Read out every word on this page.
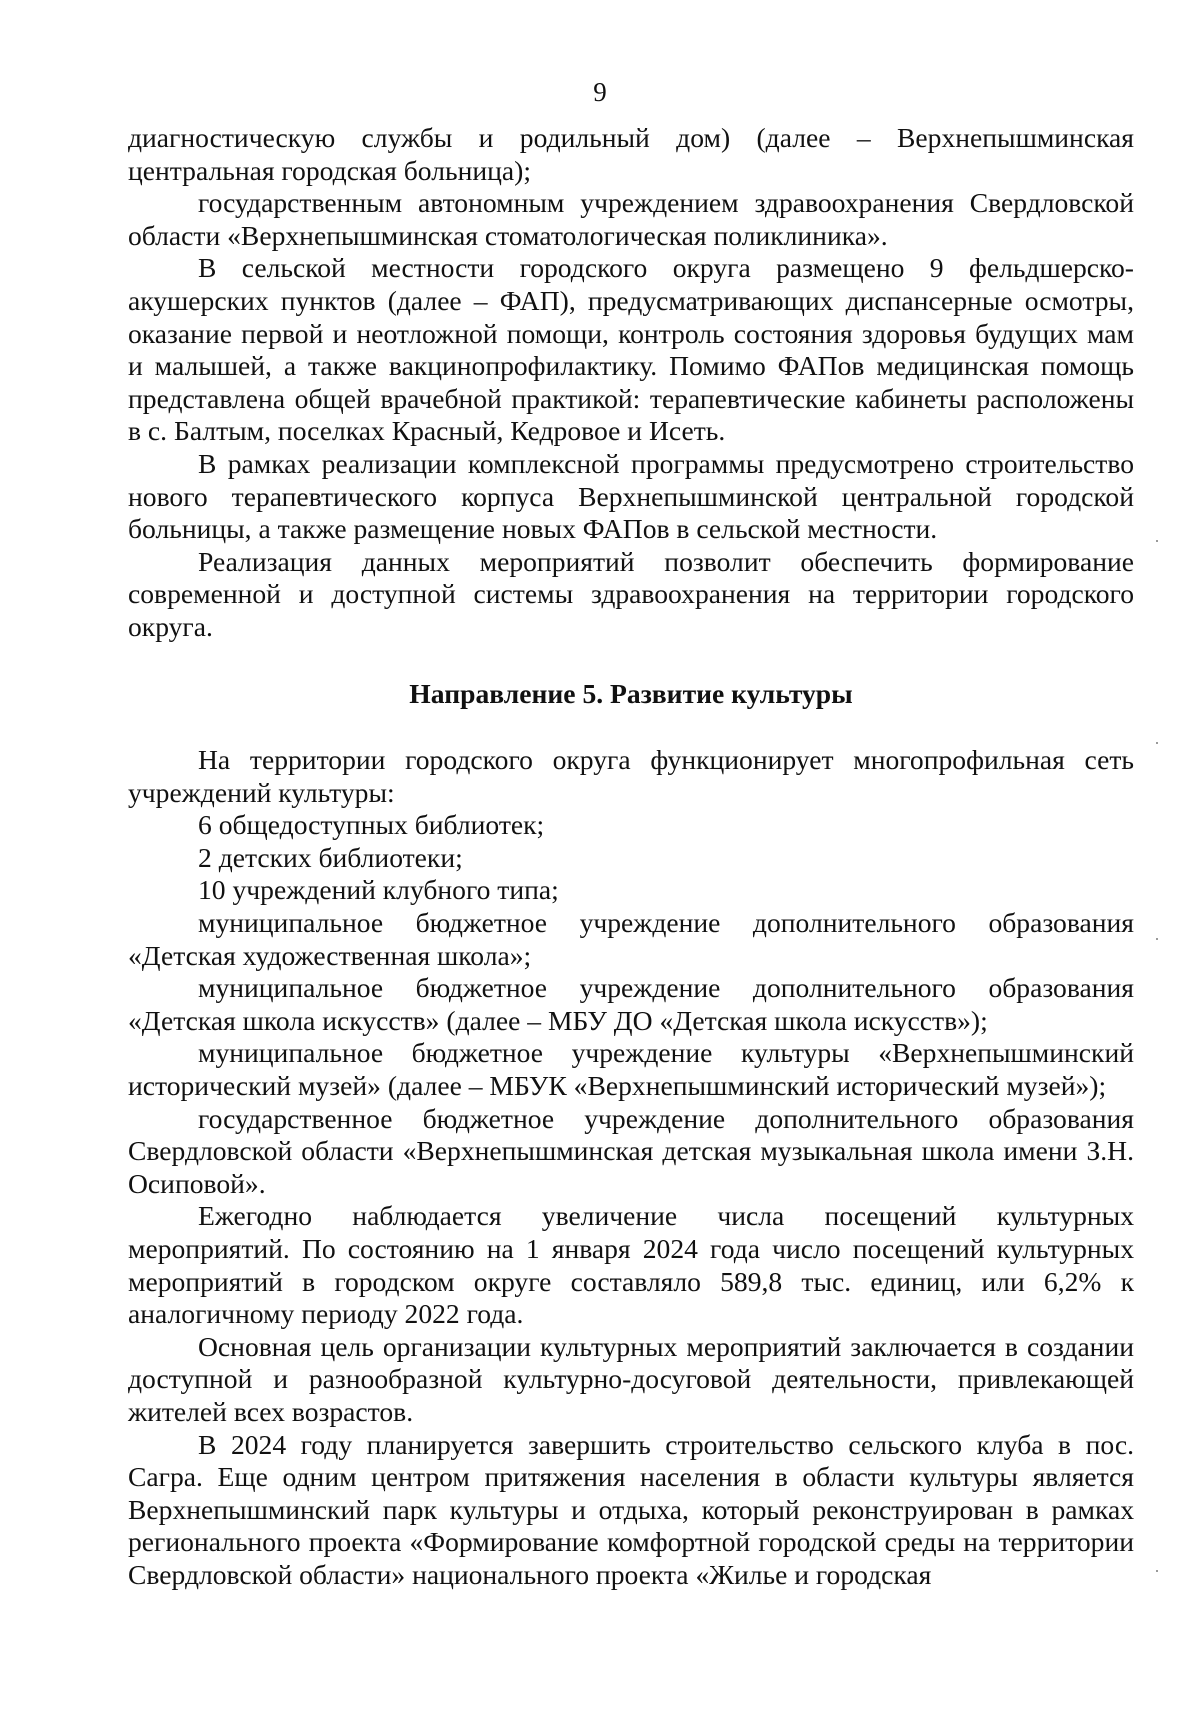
9

диагностическую службы и родильный дом) (далее – Верхнепышминская центральная городская больница);

государственным автономным учреждением здравоохранения Свердловской области «Верхнепышминская стоматологическая поликлиника».

В сельской местности городского округа размещено 9 фельдшерско-акушерских пунктов (далее – ФАП), предусматривающих диспансерные осмотры, оказание первой и неотложной помощи, контроль состояния здоровья будущих мам и малышей, а также вакцинопрофилактику. Помимо ФАПов медицинская помощь представлена общей врачебной практикой: терапевтические кабинеты расположены в с. Балтым, поселках Красный, Кедровое и Исеть.

В рамках реализации комплексной программы предусмотрено строительство нового терапевтического корпуса Верхнепышминской центральной городской больницы, а также размещение новых ФАПов в сельской местности.

Реализация данных мероприятий позволит обеспечить формирование современной и доступной системы здравоохранения на территории городского округа.

Направление 5. Развитие культуры

На территории городского округа функционирует многопрофильная сеть учреждений культуры:

6 общедоступных библиотек;

2 детских библиотеки;

10 учреждений клубного типа;

муниципальное бюджетное учреждение дополнительного образования «Детская художественная школа»;

муниципальное бюджетное учреждение дополнительного образования «Детская школа искусств» (далее – МБУ ДО «Детская школа искусств»);

муниципальное бюджетное учреждение культуры «Верхнепышминский исторический музей» (далее – МБУК «Верхнепышминский исторический музей»);

государственное бюджетное учреждение дополнительного образования Свердловской области «Верхнепышминская детская музыкальная школа имени З.Н. Осиповой».

Ежегодно наблюдается увеличение числа посещений культурных мероприятий. По состоянию на 1 января 2024 года число посещений культурных мероприятий в городском округе составляло 589,8 тыс. единиц, или 6,2% к аналогичному периоду 2022 года.

Основная цель организации культурных мероприятий заключается в создании доступной и разнообразной культурно-досуговой деятельности, привлекающей жителей всех возрастов.

В 2024 году планируется завершить строительство сельского клуба в пос. Сагра. Еще одним центром притяжения населения в области культуры является Верхнепышминский парк культуры и отдыха, который реконструирован в рамках регионального проекта «Формирование комфортной городской среды на территории Свердловской области» национального проекта «Жилье и городская
